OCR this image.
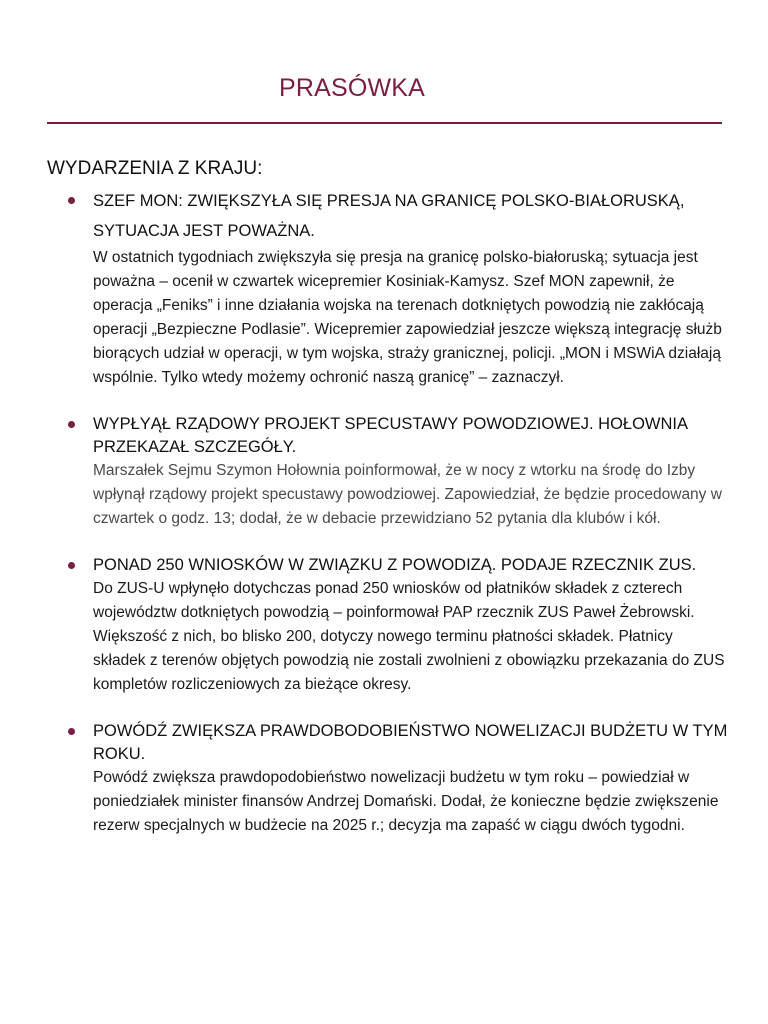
PRASÓWKA
WYDARZENIA Z KRAJU:

SZEF MON: ZWIĘKSZYŁA SIĘ PRESJA NA GRANICĘ POLSKO-BIAŁORUSKĄ, SYTUACJA JEST POWAŻNA.

W ostatnich tygodniach zwiększyła się presja na granicę polsko-białoruską; sytuacja jest poważna – ocenił w czwartek wicepremier Kosiniak-Kamysz. Szef MON zapewnił, że operacja „Feniks” i inne działania wojska na terenach dotkniętych powodzią nie zakłócają operacji „Bezpieczne Podlasie”. Wicepremier zapowiedział jeszcze większą integrację służb biorących udział w operacji, w tym wojska, straży granicznej, policji. „MON i MSWiA działają wspólnie. Tylko wtedy możemy ochronić naszą granicę” – zaznaczył.

WYPŁYĄŁ RZĄDOWY PROJEKT SPECUSTAWY POWODZIOWEJ. HOŁOWNIA PRZEKAZAŁ SZCZEGÓŁY.

Marszałek Sejmu Szymon Hołownia poinformował, że w nocy z wtorku na środę do Izby wpłynął rządowy projekt specustawy powodziowej. Zapowiedział, że będzie procedowany w czwartek o godz. 13; dodał, że w debacie przewidziano 52 pytania dla klubów i kół.

PONAD 250 WNIOSKÓW W ZWIĄZKU Z POWODIZĄ. PODAJE RZECZNIK ZUS.

Do ZUS-U wpłynęło dotychczas ponad 250 wniosków od płatników składek z czterech województw dotkniętych powodzią – poinformował PAP rzecznik ZUS Paweł Żebrowski. Większość z nich, bo blisko 200, dotyczy nowego terminu płatności składek. Płatnicy składek z terenów objętych powodzią nie zostali zwolnieni z obowiązku przekazania do ZUS kompletów rozliczeniowych za bieżące okresy.

POWÓDŹ ZWIĘKSZA PRAWDOBODOBIEŃSTWO NOWELIZACJI BUDŻETU W TYM ROKU.

Powódź zwiększa prawdopodobieństwo nowelizacji budżetu w tym roku – powiedział w poniedziałek minister finansów Andrzej Domański. Dodał, że konieczne będzie zwiększenie rezerw specjalnych w budżecie na 2025 r.; decyzja ma zapaść w ciągu dwóch tygodni.
